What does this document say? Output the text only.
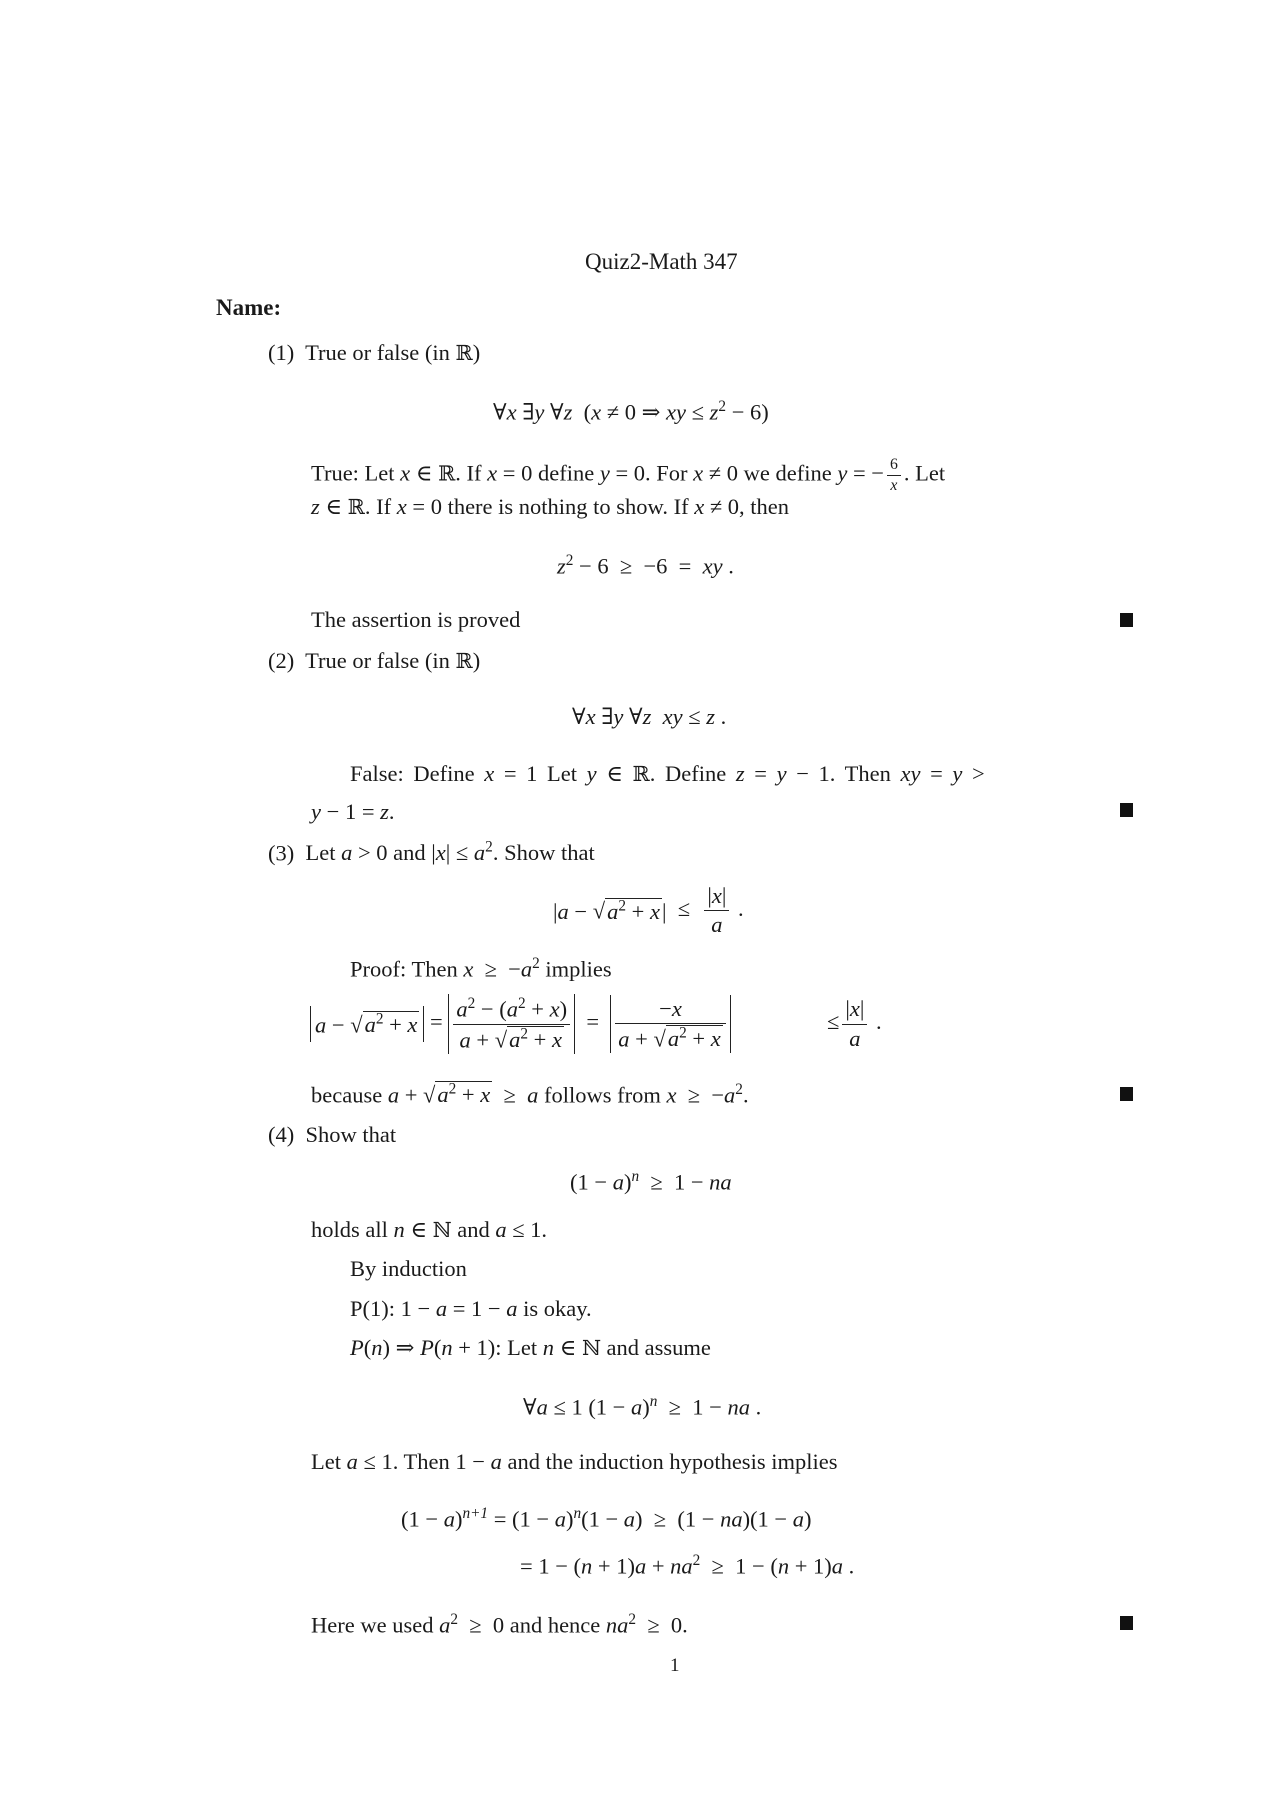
Quiz2-Math 347
Name:
(1) True or false (in ℝ)
∀x ∃y ∀z  (x ≠ 0 ⇒ xy ≤ $z^2 - 6$)
True: Let x ∈ ℝ. If x = 0 define y = 0. For x ≠ 0 we define y = − $\frac{6}{x}$ . Let
z ∈ ℝ. If x = 0 there is nothing to show. If x ≠ 0, then
$z^2 - 6 \ge -6$  =  xy .
The assertion is proved
(2) True or false (in ℝ)
∀x ∃y ∀z xy ≤ z .
False: Define x = 1 Let y ∈ ℝ. Define z = y − 1. Then xy = y >
y − 1 = z.
(3) Let a > 0 and $|x| \le a^2$. Show that
$|a - √a^2 + x| \le \frac{|x|}{a}$ .
Proof: Then $x \ge -a^2$ implies
$a - √a^2 + x = \frac{a^2 - (a^2 + x)}{a + √a^2 + x} = \frac{-x}{a + √a^2 + x}$	≤ $\frac{|x|}{a}$ .
because $a + √a^2 + x \ge a$ follows from $x \ge -a^2$.
(4) Show that
$(1 - a)^n \ge 1$ − na
holds all n ∈ ℕ and a ≤ 1.
By induction
P(1): 1 − a = 1 − a is okay.
P(n) ⇒ P(n + 1): Let n ∈ ℕ and assume
∀a ≤ 1 $(1 - a)^n \ge 1$ − na .
Let a ≤ 1. Then 1 − a and the induction hypothesis implies
$(1 - a)^{n+1} = (1 - a)^n(1 - a) \ge (1 - na)(1 - a)$
= $1 - (n + 1)a + na^2 \ge 1 - (n + 1)a$ .
Here we used $a^2 \ge 0$ and hence $na^2 \ge 0$.
1
